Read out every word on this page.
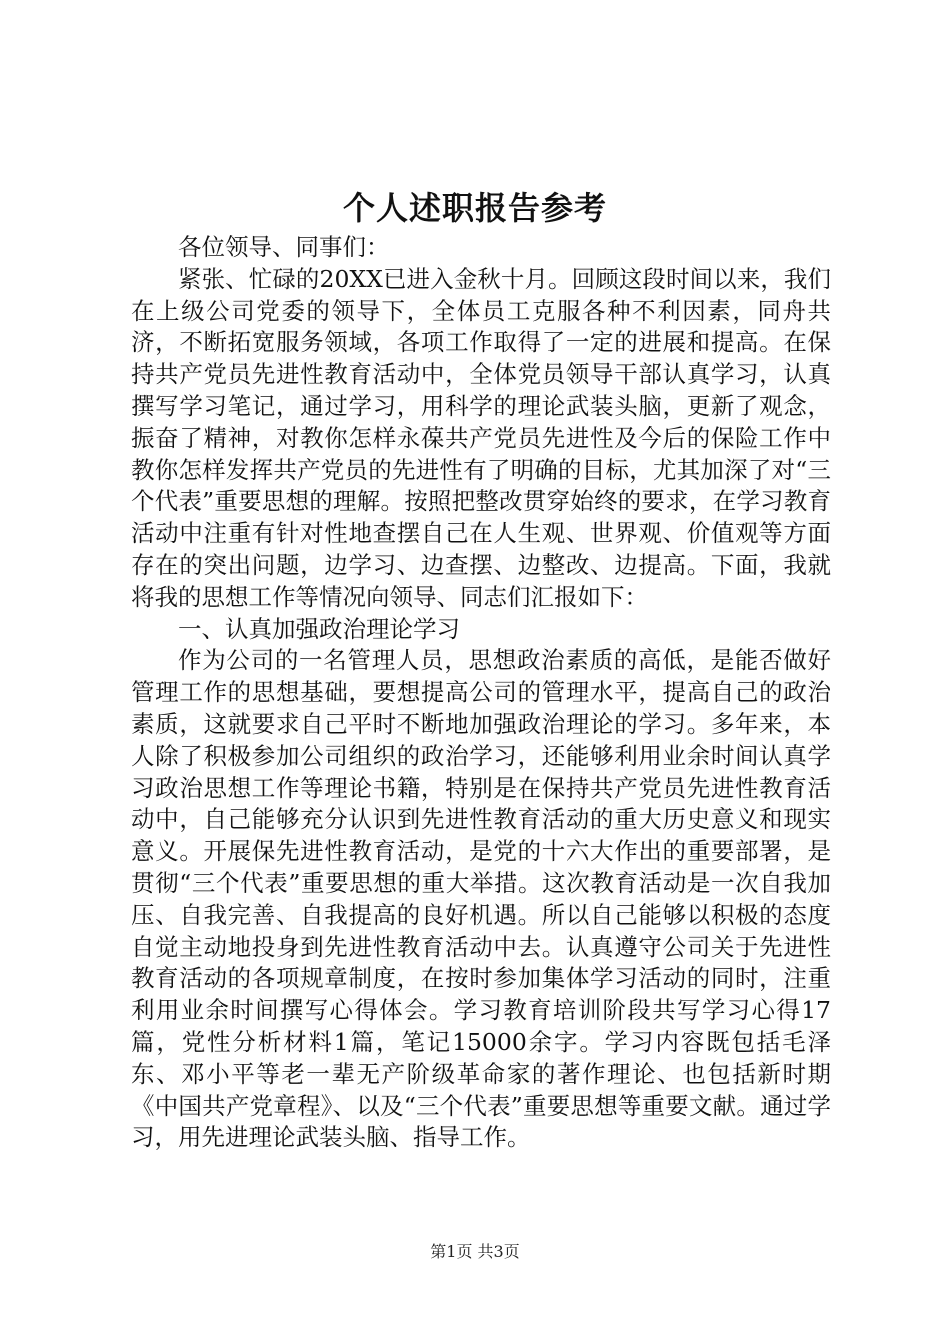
个人述职报告参考

各位领导、同事们：

紧张、忙碌的20XX已进入金秋十月。回顾这段时间以来，我们在上级公司党委的领导下，全体员工克服各种不利因素，同舟共济，不断拓宽服务领域，各项工作取得了一定的进展和提高。在保持共产党员先进性教育活动中，全体党员领导干部认真学习，认真撰写学习笔记，通过学习，用科学的理论武装头脑，更新了观念，振奋了精神，对教你怎样永葆共产党员先进性及今后的保险工作中教你怎样发挥共产党员的先进性有了明确的目标，尤其加深了对“三个代表”重要思想的理解。按照把整改贯穿始终的要求，在学习教育活动中注重有针对性地查摆自己在人生观、世界观、价值观等方面存在的突出问题，边学习、边查摆、边整改、边提高。下面，我就将我的思想工作等情况向领导、同志们汇报如下：

一、认真加强政治理论学习

作为公司的一名管理人员，思想政治素质的高低，是能否做好管理工作的思想基础，要想提高公司的管理水平，提高自己的政治素质，这就要求自己平时不断地加强政治理论的学习。多年来，本人除了积极参加公司组织的政治学习，还能够利用业余时间认真学习政治思想工作等理论书籍，特别是在保持共产党员先进性教育活动中，自己能够充分认识到先进性教育活动的重大历史意义和现实意义。开展保先进性教育活动，是党的十六大作出的重要部署，是贯彻“三个代表”重要思想的重大举措。这次教育活动是一次自我加压、自我完善、自我提高的良好机遇。所以自己能够以积极的态度自觉主动地投身到先进性教育活动中去。认真遵守公司关于先进性教育活动的各项规章制度，在按时参加集体学习活动的同时，注重利用业余时间撰写心得体会。学习教育培训阶段共写学习心得17篇，党性分析材料1篇，笔记15000余字。学习内容既包括毛泽东、邓小平等老一辈无产阶级革命家的著作理论、也包括新时期《中国共产党章程》、以及“三个代表”重要思想等重要文献。通过学习，用先进理论武装头脑、指导工作。

第1页 共3页
